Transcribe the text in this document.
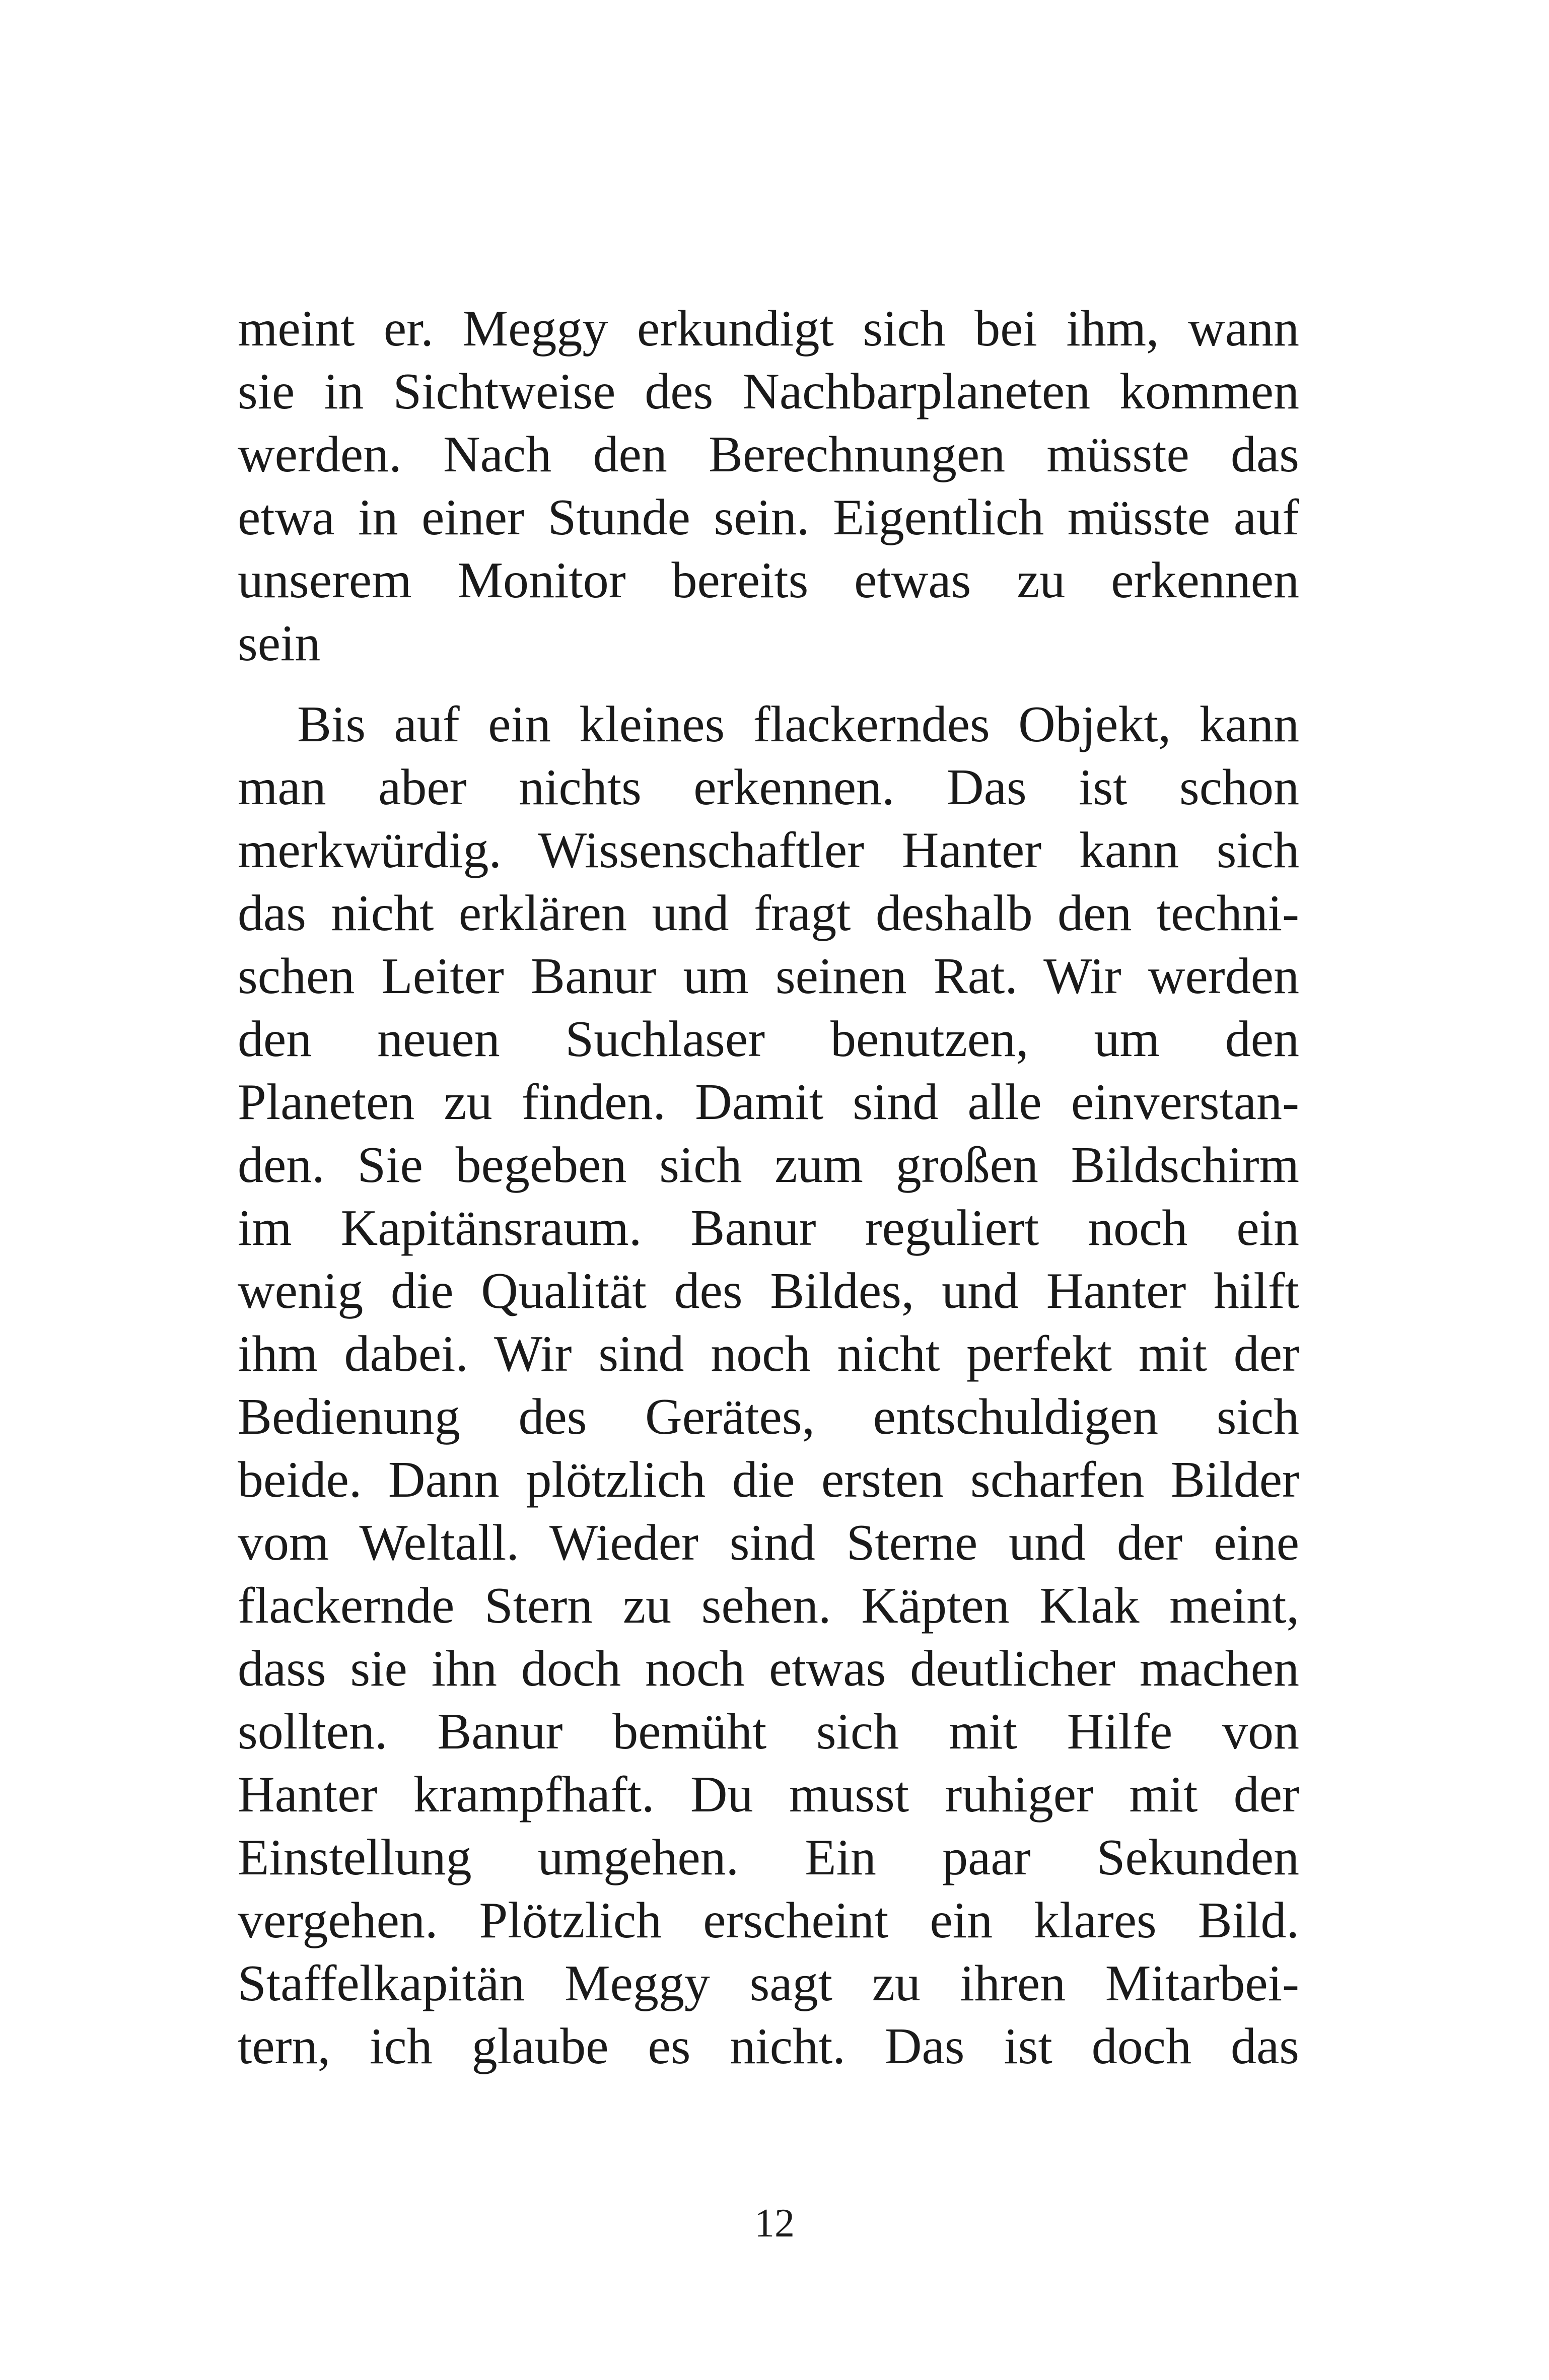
meint er. Meggy erkundigt sich bei ihm, wann
sie in Sichtweise des Nachbarplaneten kommen
werden. Nach den Berechnungen müsste das
etwa in einer Stunde sein. Eigentlich müsste auf
unserem Monitor bereits etwas zu erkennen
sein
Bis auf ein kleines flackerndes Objekt, kann
man aber nichts erkennen. Das ist schon
merkwürdig. Wissenschaftler Hanter kann sich
das nicht erklären und fragt deshalb den techni-
schen Leiter Banur um seinen Rat. Wir werden
den neuen Suchlaser benutzen, um den
Planeten zu finden. Damit sind alle einverstan-
den. Sie begeben sich zum großen Bildschirm
im Kapitänsraum. Banur reguliert noch ein
wenig die Qualität des Bildes, und Hanter hilft
ihm dabei. Wir sind noch nicht perfekt mit der
Bedienung des Gerätes, entschuldigen sich
beide. Dann plötzlich die ersten scharfen Bilder
vom Weltall. Wieder sind Sterne und der eine
flackernde Stern zu sehen. Käpten Klak meint,
dass sie ihn doch noch etwas deutlicher machen
sollten. Banur bemüht sich mit Hilfe von
Hanter krampfhaft. Du musst ruhiger mit der
Einstellung umgehen. Ein paar Sekunden
vergehen. Plötzlich erscheint ein klares Bild.
Staffelkapitän Meggy sagt zu ihren Mitarbei-
tern, ich glaube es nicht. Das ist doch das
12
